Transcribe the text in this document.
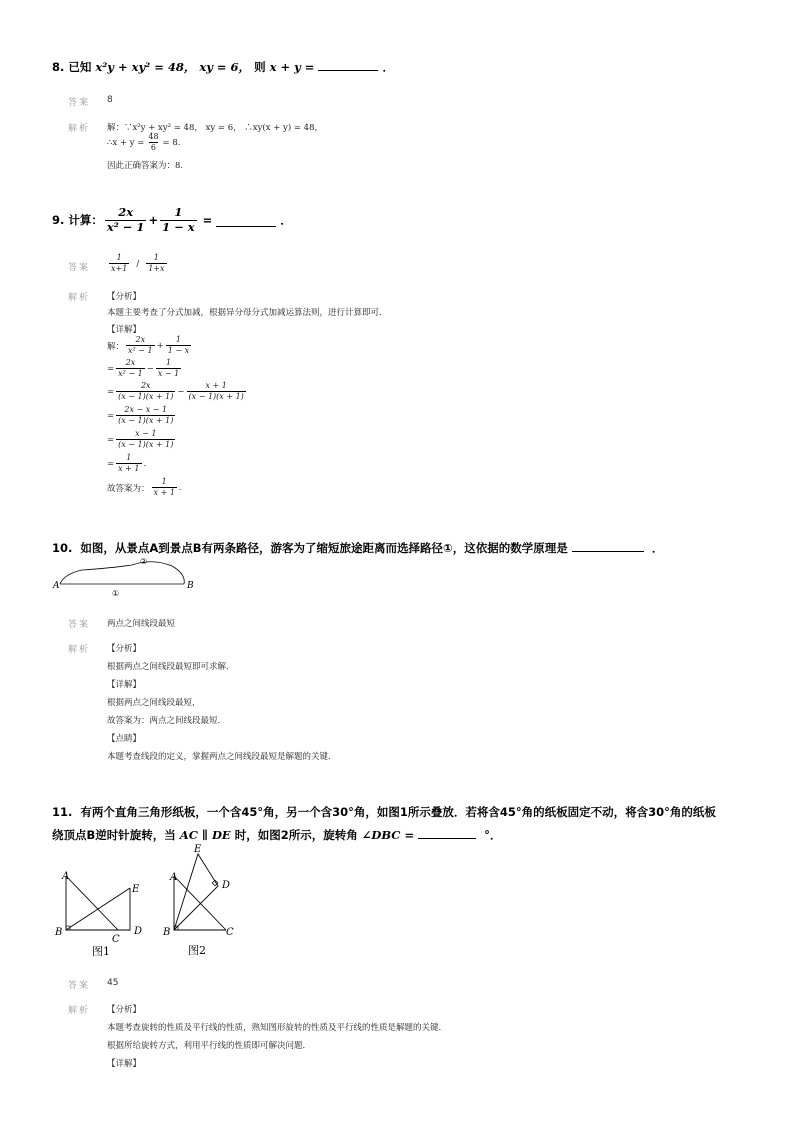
8. 已知 x²y + xy² = 48， xy = 6， 则 x + y =	．
答案 8
解析 解：∵x²y + xy² = 48， xy = 6， ∴xy(x + y) = 48，
∴x + $y = \frac{48}{6} = 8$.
因此正确答案为：8.
9.
计算： $\frac{2x}{\text{x² − 1}} + \frac{1}{1 - x}$
=

	．
答案 $\frac{1}{x+1} / \frac{1}{1+x}$
解析 【分析】
本题主要考查了分式加减，根据异分母分式加减运算法则，进行计算即可．
【详解】
解： $\frac{2x}{\text{x² − 1}} + \frac{1}{1 - x}$
= $\frac{2x}{\text{x² − 1}} - \frac{1}{x - 1}$
= $\frac{2x}{(x - 1)(x + 1)} - \frac{x + 1}{(x - 1)(x + 1)}$
= $\frac{2x - x - 1}{(x - 1)(x + 1)}$
= $\frac{x - 1}{(x - 1)(x + 1)}$
= $\frac{1}{x + 1}$ .
故答案为： $\frac{1}{x + 1}$ .
10. 如图，从景点A到景点B有两条路径，游客为了缩短旅途距离而选择路径①，这依据的数学原理是	．
A	B
②
①
答案 两点之间线段最短
解析 【分析】
根据两点之间线段最短即可求解．
【详解】
根据两点之间线段最短，
故答案为：两点之间线段最短．
【点睛】
本题考查线段的定义，掌握两点之间线段最短是解题的关键．
11. 有两个直角三角形纸板，一个含45°角，另一个含30°角，如图1所示叠放．若将含45°角的纸板固定不动，将含30°角的纸板
绕顶点B逆时针旋转，当 AC ∥ DE 时，如图2所示，旋转角 ∠DBC =	°．
A
B
C
D
E
图1
A
B	C
D
E
图2
答案 45
解析 【分析】
本题考查旋转的性质及平行线的性质，熟知图形旋转的性质及平行线的性质是解题的关键．
根据所给旋转方式，利用平行线的性质即可解决问题．
【详解】
